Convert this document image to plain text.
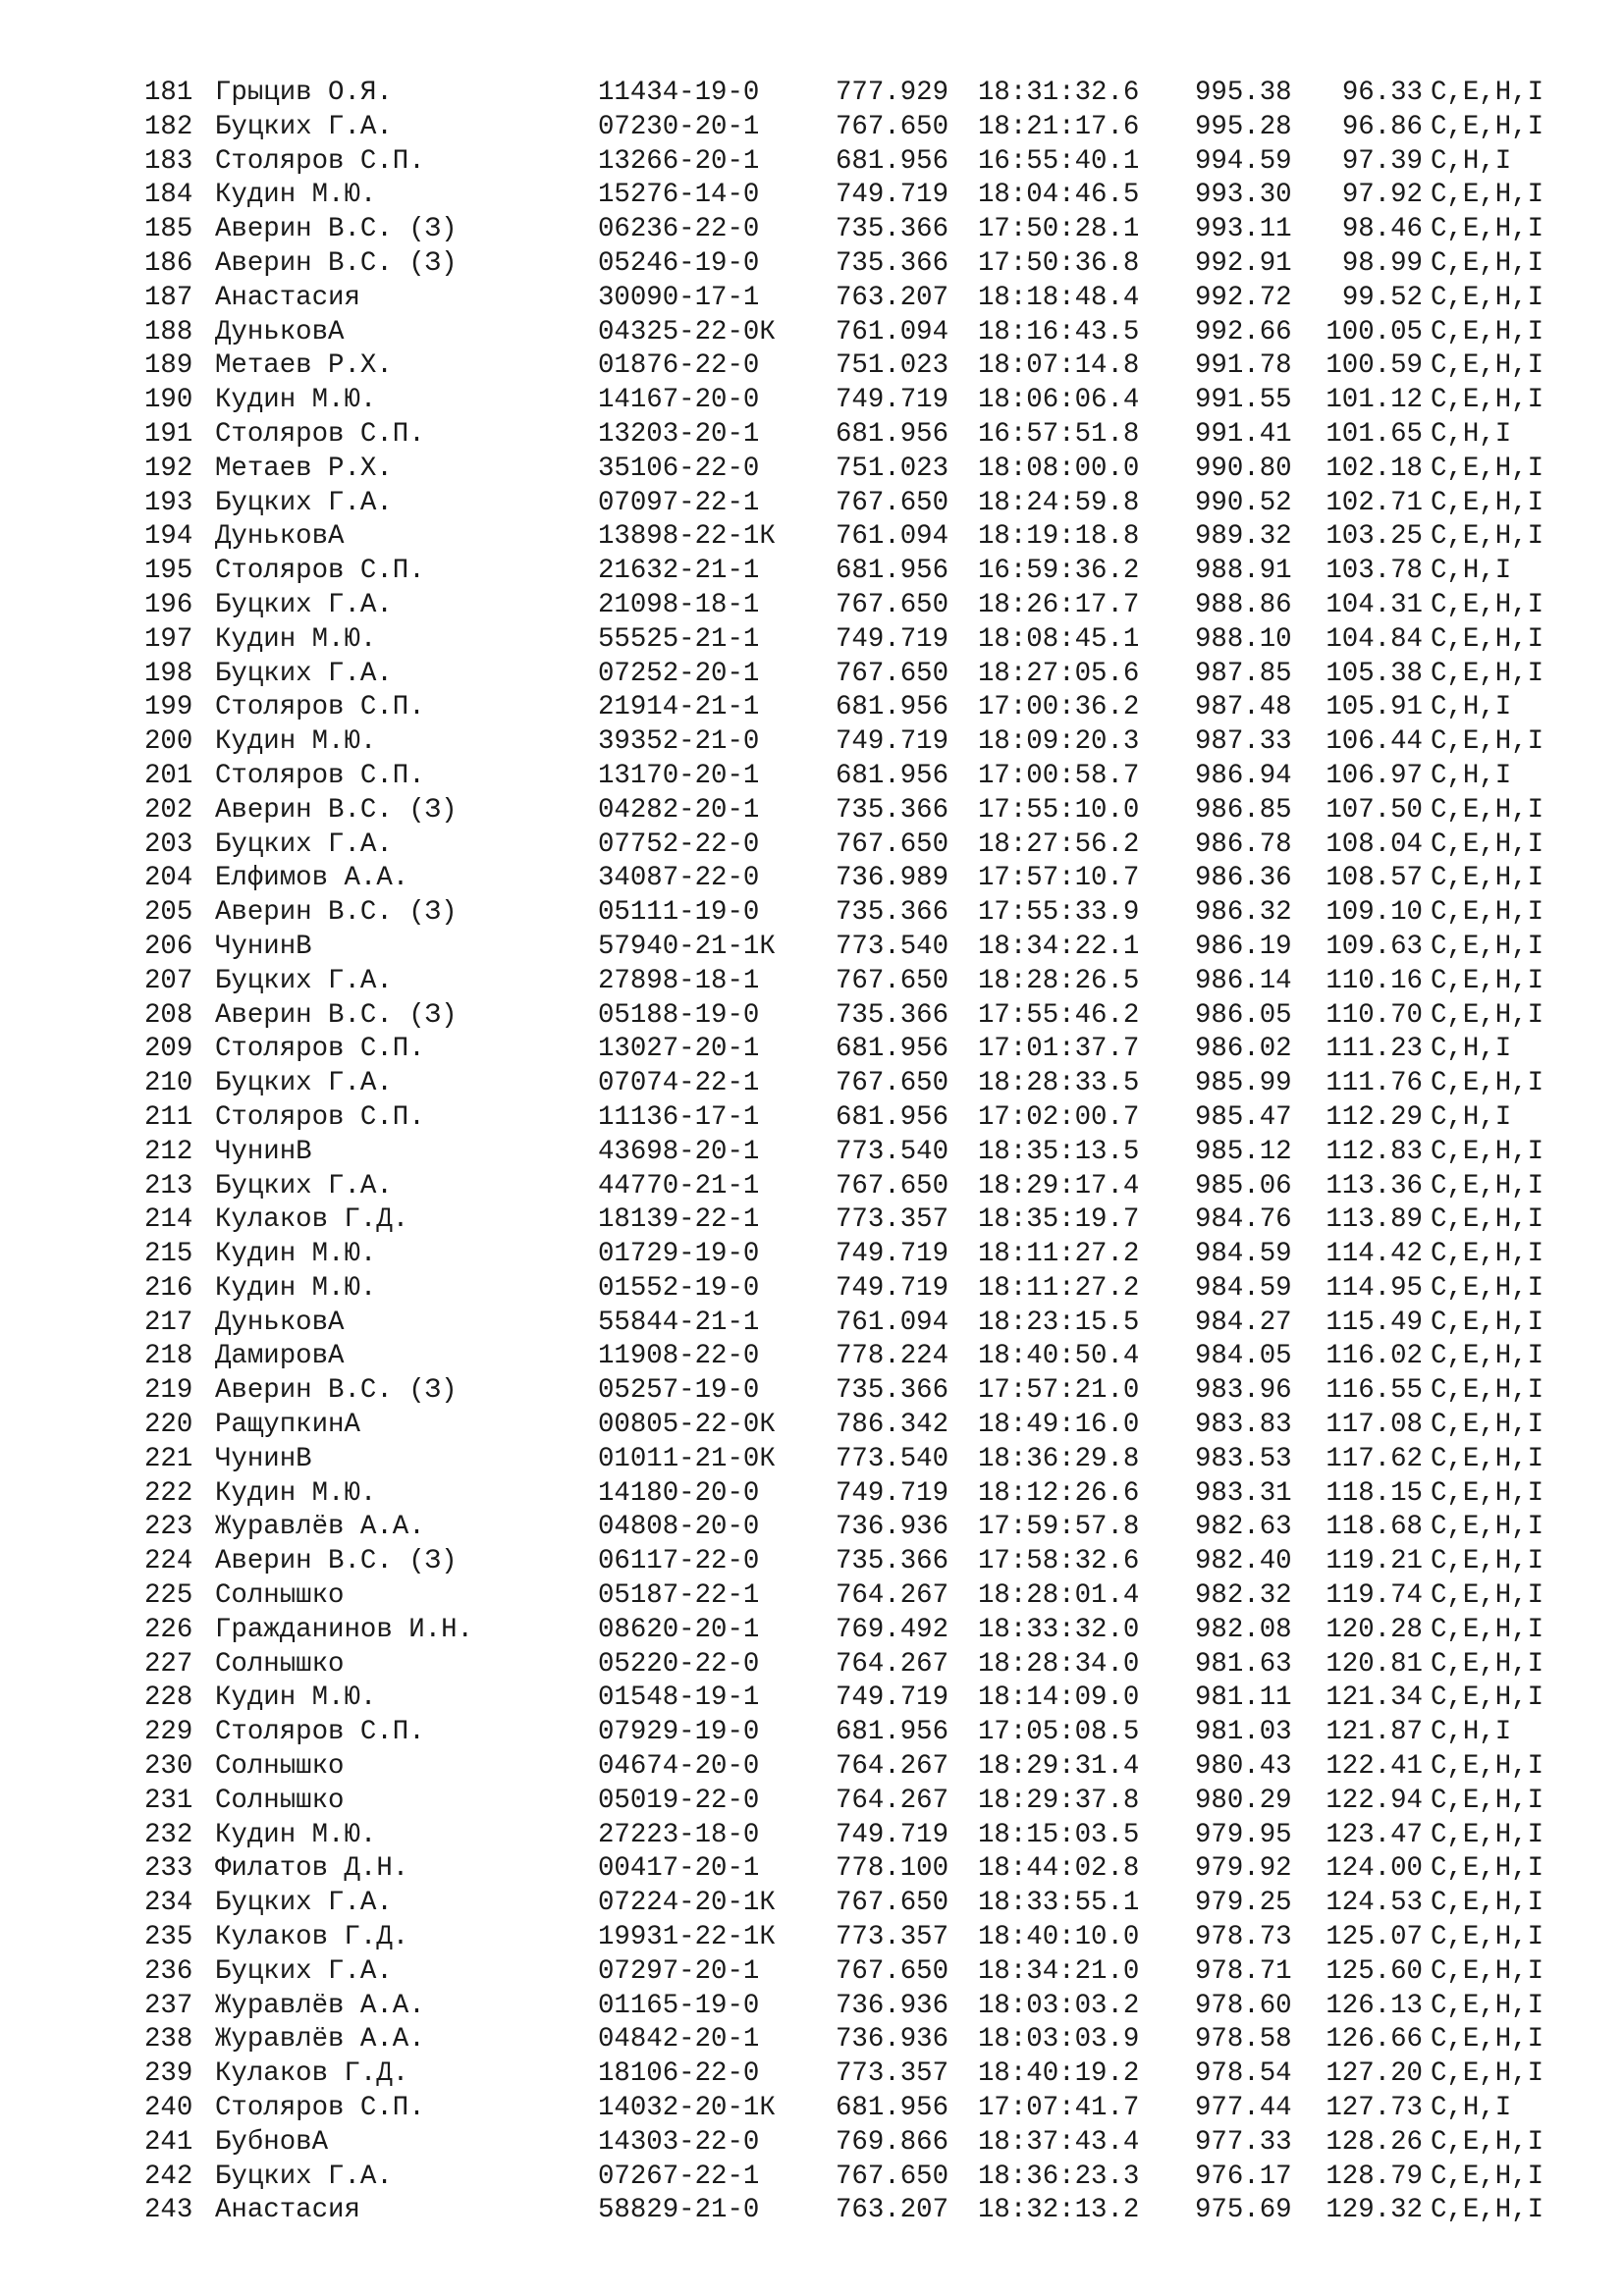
181 Грыцив О.Я.	11434-19-0	777.929 18:31:32.6 995.38	96.33 С,Е,Н,I
182 Буцких Г.А.	07230-20-1	767.650 18:21:17.6 995.28	96.86 С,Е,Н,I
183 Столяров С.П.	13266-20-1	681.956 16:55:40.1 994.59	97.39 С,Н,I
184 Кудин М.Ю.	15276-14-0	749.719 18:04:46.5 993.30	97.92 С,Е,Н,I
185 Аверин В.С. (З)	06236-22-0	735.366 17:50:28.1 993.11	98.46 С,Е,Н,I
186 Аверин В.С. (З)	05246-19-0	735.366 17:50:36.8 992.91	98.99 С,Е,Н,I
187 Анастасия	30090-17-1	763.207 18:18:48.4 992.72	99.52 С,Е,Н,I
188 ДуньковА	04325-22-0К 761.094 18:16:43.5 992.66	100.05 С,Е,Н,I
189 Метаев Р.Х.	01876-22-0	751.023 18:07:14.8 991.78	100.59 С,Е,Н,I
190 Кудин М.Ю.	14167-20-0	749.719 18:06:06.4 991.55	101.12 С,Е,Н,I
191 Столяров С.П.	13203-20-1	681.956 16:57:51.8 991.41	101.65 С,Н,I
192 Метаев Р.Х.	35106-22-0	751.023 18:08:00.0 990.80	102.18 С,Е,Н,I
193 Буцких Г.А.	07097-22-1	767.650 18:24:59.8 990.52	102.71 С,Е,Н,I
194 ДуньковА	13898-22-1К 761.094 18:19:18.8 989.32	103.25 С,Е,Н,I
195 Столяров С.П.	21632-21-1	681.956 16:59:36.2 988.91	103.78 С,Н,I
196 Буцких Г.А.	21098-18-1	767.650 18:26:17.7 988.86	104.31 С,Е,Н,I
197 Кудин М.Ю.	55525-21-1	749.719 18:08:45.1 988.10	104.84 С,Е,Н,I
198 Буцких Г.А.	07252-20-1	767.650 18:27:05.6 987.85	105.38 С,Е,Н,I
199 Столяров С.П.	21914-21-1	681.956 17:00:36.2 987.48	105.91 С,Н,I
200 Кудин М.Ю.	39352-21-0	749.719 18:09:20.3 987.33	106.44 С,Е,Н,I
201 Столяров С.П.	13170-20-1	681.956 17:00:58.7 986.94	106.97 С,Н,I
202 Аверин В.С. (З)	04282-20-1	735.366 17:55:10.0 986.85	107.50 С,Е,Н,I
203 Буцких Г.А.	07752-22-0	767.650 18:27:56.2 986.78	108.04 С,Е,Н,I
204 Елфимов А.А.	34087-22-0	736.989 17:57:10.7 986.36	108.57 С,Е,Н,I
205 Аверин В.С. (З)	05111-19-0	735.366 17:55:33.9 986.32	109.10 С,Е,Н,I
206 ЧунинВ	57940-21-1К 773.540 18:34:22.1 986.19	109.63 С,Е,Н,I
207 Буцких Г.А.	27898-18-1	767.650 18:28:26.5 986.14	110.16 С,Е,Н,I
208 Аверин В.С. (З)	05188-19-0	735.366 17:55:46.2 986.05	110.70 С,Е,Н,I
209 Столяров С.П.	13027-20-1	681.956 17:01:37.7 986.02	111.23 С,Н,I
210 Буцких Г.А.	07074-22-1	767.650 18:28:33.5 985.99	111.76 С,Е,Н,I
211 Столяров С.П.	11136-17-1	681.956 17:02:00.7 985.47	112.29 С,Н,I
212 ЧунинВ	43698-20-1	773.540 18:35:13.5 985.12	112.83 С,Е,Н,I
213 Буцких Г.А.	44770-21-1	767.650 18:29:17.4 985.06	113.36 С,Е,Н,I
214 Кулаков Г.Д.	18139-22-1	773.357 18:35:19.7 984.76	113.89 С,Е,Н,I
215 Кудин М.Ю.	01729-19-0	749.719 18:11:27.2 984.59	114.42 С,Е,Н,I
216 Кудин М.Ю.	01552-19-0	749.719 18:11:27.2 984.59	114.95 С,Е,Н,I
217 ДуньковА	55844-21-1	761.094 18:23:15.5 984.27	115.49 С,Е,Н,I
218 ДамировА	11908-22-0	778.224 18:40:50.4 984.05	116.02 С,Е,Н,I
219 Аверин В.С. (З)	05257-19-0	735.366 17:57:21.0 983.96	116.55 С,Е,Н,I
220 РащупкинА	00805-22-0К 786.342 18:49:16.0 983.83	117.08 С,Е,Н,I
221 ЧунинВ	01011-21-0К 773.540 18:36:29.8 983.53	117.62 С,Е,Н,I
222 Кудин М.Ю.	14180-20-0	749.719 18:12:26.6 983.31	118.15 С,Е,Н,I
223 Журавлёв А.А.	04808-20-0	736.936 17:59:57.8 982.63	118.68 С,Е,Н,I
224 Аверин В.С. (З)	06117-22-0	735.366 17:58:32.6 982.40	119.21 С,Е,Н,I
225 Солнышко	05187-22-1	764.267 18:28:01.4 982.32	119.74 С,Е,Н,I
226 Гражданинов И.Н.	08620-20-1	769.492 18:33:32.0 982.08	120.28 С,Е,Н,I
227 Солнышко	05220-22-0	764.267 18:28:34.0 981.63	120.81 С,Е,Н,I
228 Кудин М.Ю.	01548-19-1	749.719 18:14:09.0 981.11	121.34 С,Е,Н,I
229 Столяров С.П.	07929-19-0	681.956 17:05:08.5 981.03	121.87 С,Н,I
230 Солнышко	04674-20-0	764.267 18:29:31.4 980.43	122.41 С,Е,Н,I
231 Солнышко	05019-22-0	764.267 18:29:37.8 980.29	122.94 С,Е,Н,I
232 Кудин М.Ю.	27223-18-0	749.719 18:15:03.5 979.95	123.47 С,Е,Н,I
233 Филатов Д.Н.	00417-20-1	778.100 18:44:02.8 979.92	124.00 С,Е,Н,I
234 Буцких Г.А.	07224-20-1К 767.650 18:33:55.1 979.25	124.53 С,Е,Н,I
235 Кулаков Г.Д.	19931-22-1К 773.357 18:40:10.0 978.73	125.07 С,Е,Н,I
236 Буцких Г.А.	07297-20-1	767.650 18:34:21.0 978.71	125.60 С,Е,Н,I
237 Журавлёв А.А.	01165-19-0	736.936 18:03:03.2 978.60	126.13 С,Е,Н,I
238 Журавлёв А.А.	04842-20-1	736.936 18:03:03.9 978.58	126.66 С,Е,Н,I
239 Кулаков Г.Д.	18106-22-0	773.357 18:40:19.2 978.54	127.20 С,Е,Н,I
240 Столяров С.П.	14032-20-1К 681.956 17:07:41.7 977.44	127.73 С,Н,I
241 БубновА	14303-22-0	769.866 18:37:43.4 977.33	128.26 С,Е,Н,I
242 Буцких Г.А.	07267-22-1	767.650 18:36:23.3 976.17	128.79 С,Е,Н,I
243 Анастасия	58829-21-0	763.207 18:32:13.2 975.69	129.32 С,Е,Н,I
